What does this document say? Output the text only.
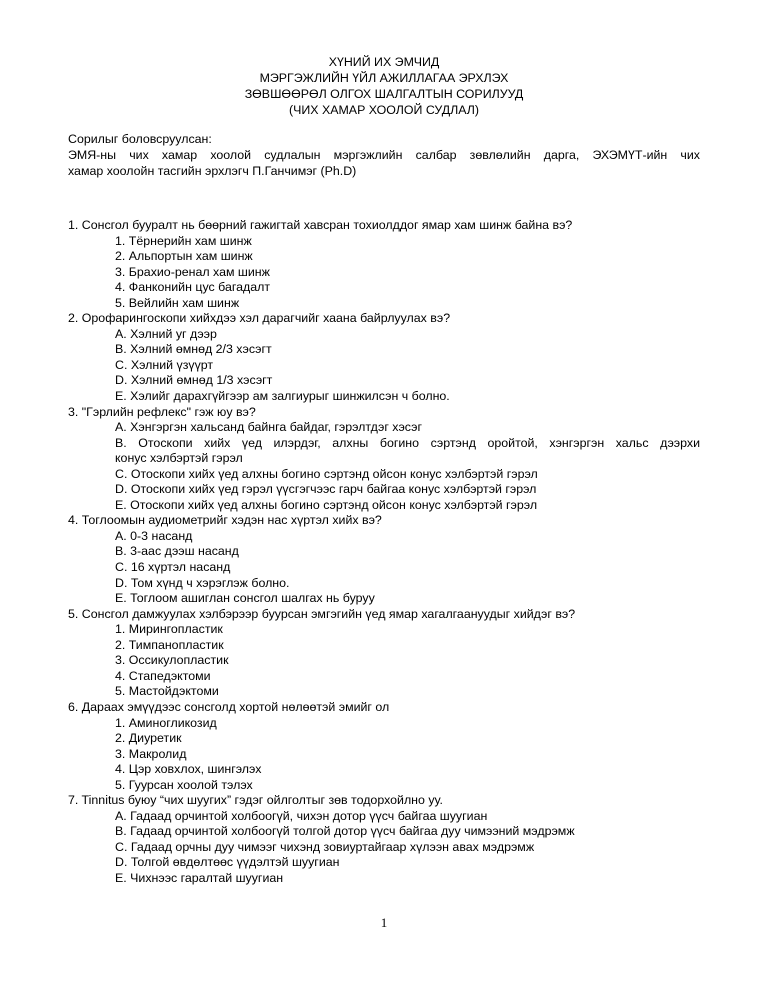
ХҮНИЙ ИХ ЭМЧИД
МЭРГЭЖЛИЙН ҮЙЛ АЖИЛЛАГАА ЭРХЛЭХ
ЗӨВШӨӨРӨЛ ОЛГОХ ШАЛГАЛТЫН СОРИЛУУД
(ЧИХ ХАМАР ХООЛОЙ СУДЛАЛ)
Сорилыг боловсруулсан:
ЭМЯ-ны чих хамар хоолой судлалын мэргэжлийн салбар зөвлөлийн дарга, ЭХЭМҮТ-ийн чих
хамар хоолойн тасгийн эрхлэгч П.Ганчимэг (Ph.D)
1. Сонсгол бууралт нь бөөрний гажигтай хавсран тохиолддог ямар хам шинж байна вэ?
1. Тёрнерийн хам шинж
2. Альпортын хам шинж
3. Брахио-ренал хам шинж
4. Фанконийн цус багадалт
5. Вейлийн хам шинж
2. Орофарингоскопи хийхдээ хэл дарагчийг хаана байрлуулах вэ?
A. Хэлний уг дээр
B. Хэлний өмнөд 2/3 хэсэгт
C. Хэлний үзүүрт
D. Хэлний өмнөд 1/3 хэсэгт
E. Хэлийг дарахгүйгээр ам залгиурыг шинжилсэн ч болно.
3. "Гэрлийн рефлекс" гэж юу вэ?
A. Хэнгэргэн хальсанд байнга байдаг, гэрэлтдэг хэсэг
B. Отоскопи хийх үед илэрдэг, алхны богино сэртэнд оройтой, хэнгэргэн хальс дээрхи
конус хэлбэртэй гэрэл
C. Отоскопи хийх үед алхны богино сэртэнд ойсон конус хэлбэртэй гэрэл
D. Отоскопи хийх үед гэрэл үүсгэгчээс гарч байгаа конус хэлбэртэй гэрэл
E. Отоскопи хийх үед алхны богино сэртэнд ойсон конус хэлбэртэй гэрэл
4. Тоглоомын аудиометрийг хэдэн нас хүртэл хийх вэ?
A. 0-3 насанд
B. 3-аас дээш насанд
C. 16 хүртэл насанд
D. Том хүнд ч хэрэглэж болно.
E. Тоглоом ашиглан сонсгол шалгах нь буруу
5. Сонсгол дамжуулах хэлбэрээр буурсан эмгэгийн үед ямар хагалгаануудыг хийдэг вэ?
1. Мирингопластик
2. Тимпанопластик
3. Оссикулопластик
4. Стапедэктоми
5. Мастойдэктоми
6. Дараах эмүүдээс сонсголд хортой нөлөөтэй эмийг ол
1. Аминогликозид
2. Диуретик
3. Макролид
4. Цэр ховхлох, шингэлэх
5. Гуурсан хоолой тэлэх
7. Tinnitus буюу “чих шуугих” гэдэг ойлголтыг зөв тодорхойлно уу.
A. Гадаад орчинтой холбоогүй, чихэн дотор үүсч байгаа шуугиан
B. Гадаад орчинтой холбоогүй толгой дотор үүсч байгаа дуу чимээний мэдрэмж
C. Гадаад орчны дуу чимээг чихэнд зовиуртайгаар хүлээн авах мэдрэмж
D. Толгой өвдөлтөөс үүдэлтэй шуугиан
E. Чихнээс гаралтай шуугиан
1
